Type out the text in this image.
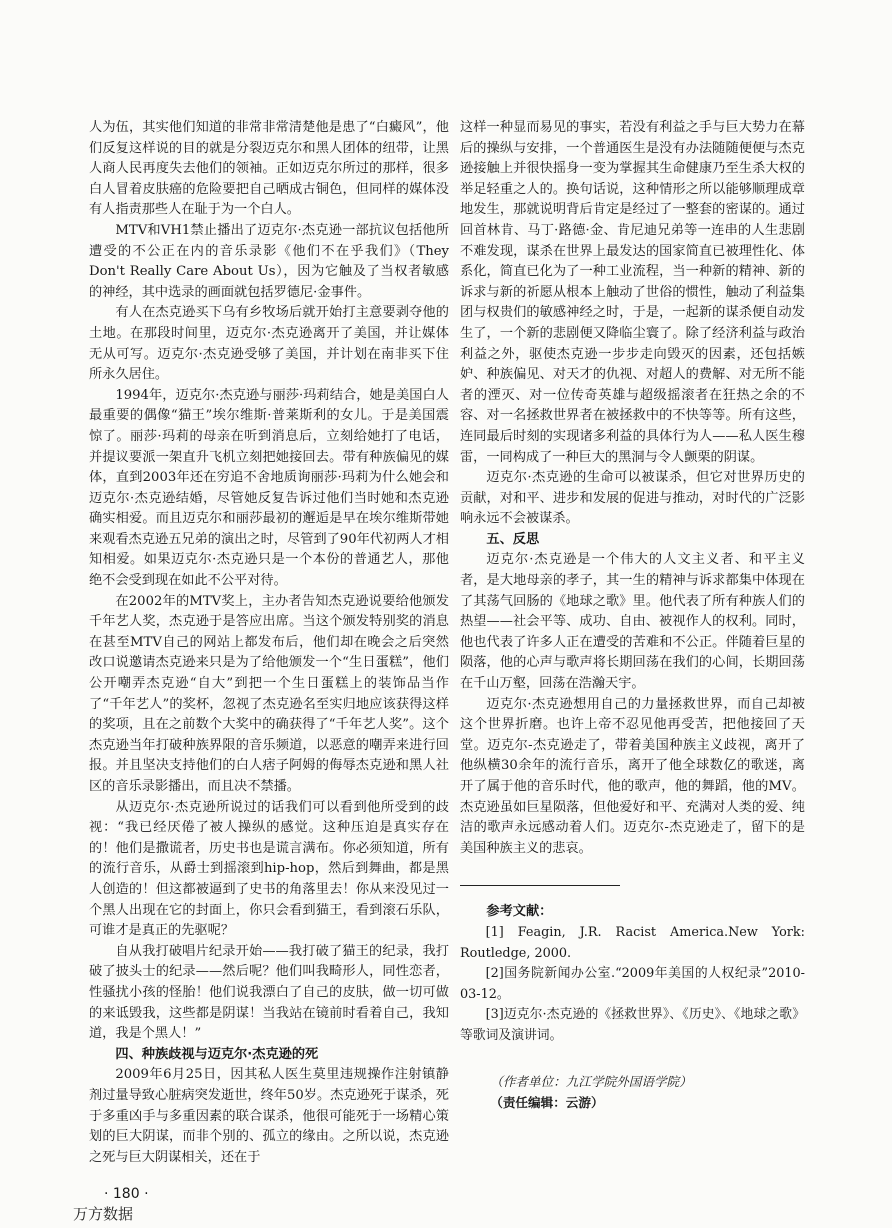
人为伍，其实他们知道的非常非常清楚他是患了“白癜风”，他们反复这样说的目的就是分裂迈克尔和黑人团体的纽带，让黑人商人民再度失去他们的领袖。正如迈克尔所过的那样，很多白人冒着皮肤癌的危险要把自己晒成古铜色，但同样的媒体没有人指责那些人在耻于为一个白人。

MTV和VH1禁止播出了迈克尔·杰克逊一部抗议包括他所遭受的不公正在内的音乐录影《他们不在乎我们》（They Don't Really Care About Us），因为它触及了当权者敏感的神经，其中选录的画面就包括罗德尼·金事件。

有人在杰克逊买下乌有乡牧场后就开始打主意要剥夺他的土地。在那段时间里，迈克尔·杰克逊离开了美国，并让媒体无从可写。迈克尔·杰克逊受够了美国，并计划在南非买下住所永久居住。

1994年，迈克尔·杰克逊与丽莎·玛莉结合，她是美国白人最重要的偶像“猫王”埃尔维斯·普莱斯利的女儿。于是美国震惊了。丽莎·玛莉的母亲在听到消息后，立刻给她打了电话，并提议要派一架直升飞机立刻把她接回去。带有种族偏见的媒体，直到2003年还在穷追不舍地质询丽莎·玛莉为什么她会和迈克尔·杰克逊结婚，尽管她反复告诉过他们当时她和杰克逊确实相爱。而且迈克尔和丽莎最初的邂逅是早在埃尔维斯带她来观看杰克逊五兄弟的演出之时，尽管到了90年代初两人才相知相爱。如果迈克尔·杰克逊只是一个本份的普通艺人，那他绝不会受到现在如此不公平对待。

在2002年的MTV奖上，主办者告知杰克逊说要给他颁发千年艺人奖，杰克逊于是答应出席。当这个颁发特别奖的消息在甚至MTV自己的网站上都发布后，他们却在晚会之后突然改口说邀请杰克逊来只是为了给他颁发一个“生日蛋糕”，他们公开嘲弄杰克逊“自大”到把一个生日蛋糕上的装饰品当作了“千年艺人”的奖杯，忽视了杰克逊名至实归地应该获得这样的奖项，且在之前数个大奖中的确获得了“千年艺人奖”。这个杰克逊当年打破种族界限的音乐频道，以恶意的嘲弄来进行回报。并且坚决支持他们的白人痞子阿姆的侮辱杰克逊和黑人社区的音乐录影播出，而且决不禁播。

从迈克尔·杰克逊所说过的话我们可以看到他所受到的歧视：“我已经厌倦了被人操纵的感觉。这种压迫是真实存在的！他们是撒谎者，历史书也是谎言满布。你必须知道，所有的流行音乐，从爵士到摇滚到hip-hop，然后到舞曲，都是黑人创造的！但这都被逼到了史书的角落里去！你从来没见过一个黑人出现在它的封面上，你只会看到猫王，看到滚石乐队，可谁才是真正的先驱呢？

自从我打破唱片纪录开始——我打破了猫王的纪录，我打破了披头士的纪录——然后呢？他们叫我畸形人，同性恋者，性骚扰小孩的怪胎！他们说我漂白了自己的皮肤，做一切可做的来诋毁我，这些都是阴谋！当我站在镜前时看着自己，我知道，我是个黑人！”

四、种族歧视与迈克尔·杰克逊的死

2009年6月25日，因其私人医生莫里违规操作注射镇静剂过量导致心脏病突发逝世，终年50岁。杰克逊死于谋杀，死于多重凶手与多重因素的联合谋杀，他很可能死于一场精心策划的巨大阴谋，而非个别的、孤立的缘由。之所以说，杰克逊之死与巨大阴谋相关，还在于

这样一种显而易见的事实，若没有利益之手与巨大势力在幕后的操纵与安排，一个普通医生是没有办法随随便便与杰克逊接触上并很快摇身一变为掌握其生命健康乃至生杀大权的举足轻重之人的。换句话说，这种情形之所以能够顺理成章地发生，那就说明背后肯定是经过了一整套的密谋的。通过回首林肯、马丁·路德·金、肯尼迪兄弟等一连串的人生悲剧不难发现，谋杀在世界上最发达的国家简直已被理性化、体系化，简直已化为了一种工业流程，当一种新的精神、新的诉求与新的祈愿从根本上触动了世俗的惯性，触动了利益集团与权贵们的敏感神经之时，于是，一起新的谋杀便自动发生了，一个新的悲剧便又降临尘寰了。除了经济利益与政治利益之外，驱使杰克逊一步步走向毁灭的因素，还包括嫉妒、种族偏见、对天才的仇视、对超人的费解、对无所不能者的湮灭、对一位传奇英雄与超级摇滚者在狂热之余的不容、对一名拯救世界者在被拯救中的不快等等。所有这些，连同最后时刻的实现诸多利益的具体行为人——私人医生穆雷，一同构成了一种巨大的黑洞与令人颤栗的阴谋。

迈克尔·杰克逊的生命可以被谋杀，但它对世界历史的贡献，对和平、进步和发展的促进与推动，对时代的广泛影响永远不会被谋杀。

五、反思

迈克尔·杰克逊是一个伟大的人文主义者、和平主义者，是大地母亲的孝子，其一生的精神与诉求都集中体现在了其荡气回肠的《地球之歌》里。他代表了所有种族人们的热望——社会平等、成功、自由、被视作人的权利。同时，他也代表了许多人正在遭受的苦难和不公正。伴随着巨星的陨落，他的心声与歌声将长期回荡在我们的心间，长期回荡在千山万壑，回荡在浩瀚天宇。

迈克尔·杰克逊想用自己的力量拯救世界，而自己却被这个世界折磨。也许上帝不忍见他再受苦，把他接回了天堂。迈克尔-杰克逊走了，带着美国种族主义歧视，离开了他纵横30余年的流行音乐，离开了他全球数亿的歌迷，离开了属于他的音乐时代，他的歌声，他的舞蹈，他的MV。杰克逊虽如巨星陨落，但他爱好和平、充满对人类的爱、纯洁的歌声永远感动着人们。迈克尔-杰克逊走了，留下的是美国种族主义的悲哀。

参考文献：

[1] Feagin, J.R. Racist America.New York: Routledge, 2000.

[2]国务院新闻办公室.“2009年美国的人权纪录”2010-03-12。

[3]迈克尔·杰克逊的《拯救世界》、《历史》、《地球之歌》等歌词及演讲词。

（作者单位：九江学院外国语学院）
（责任编辑：云游）
· 180 ·
万方数据
